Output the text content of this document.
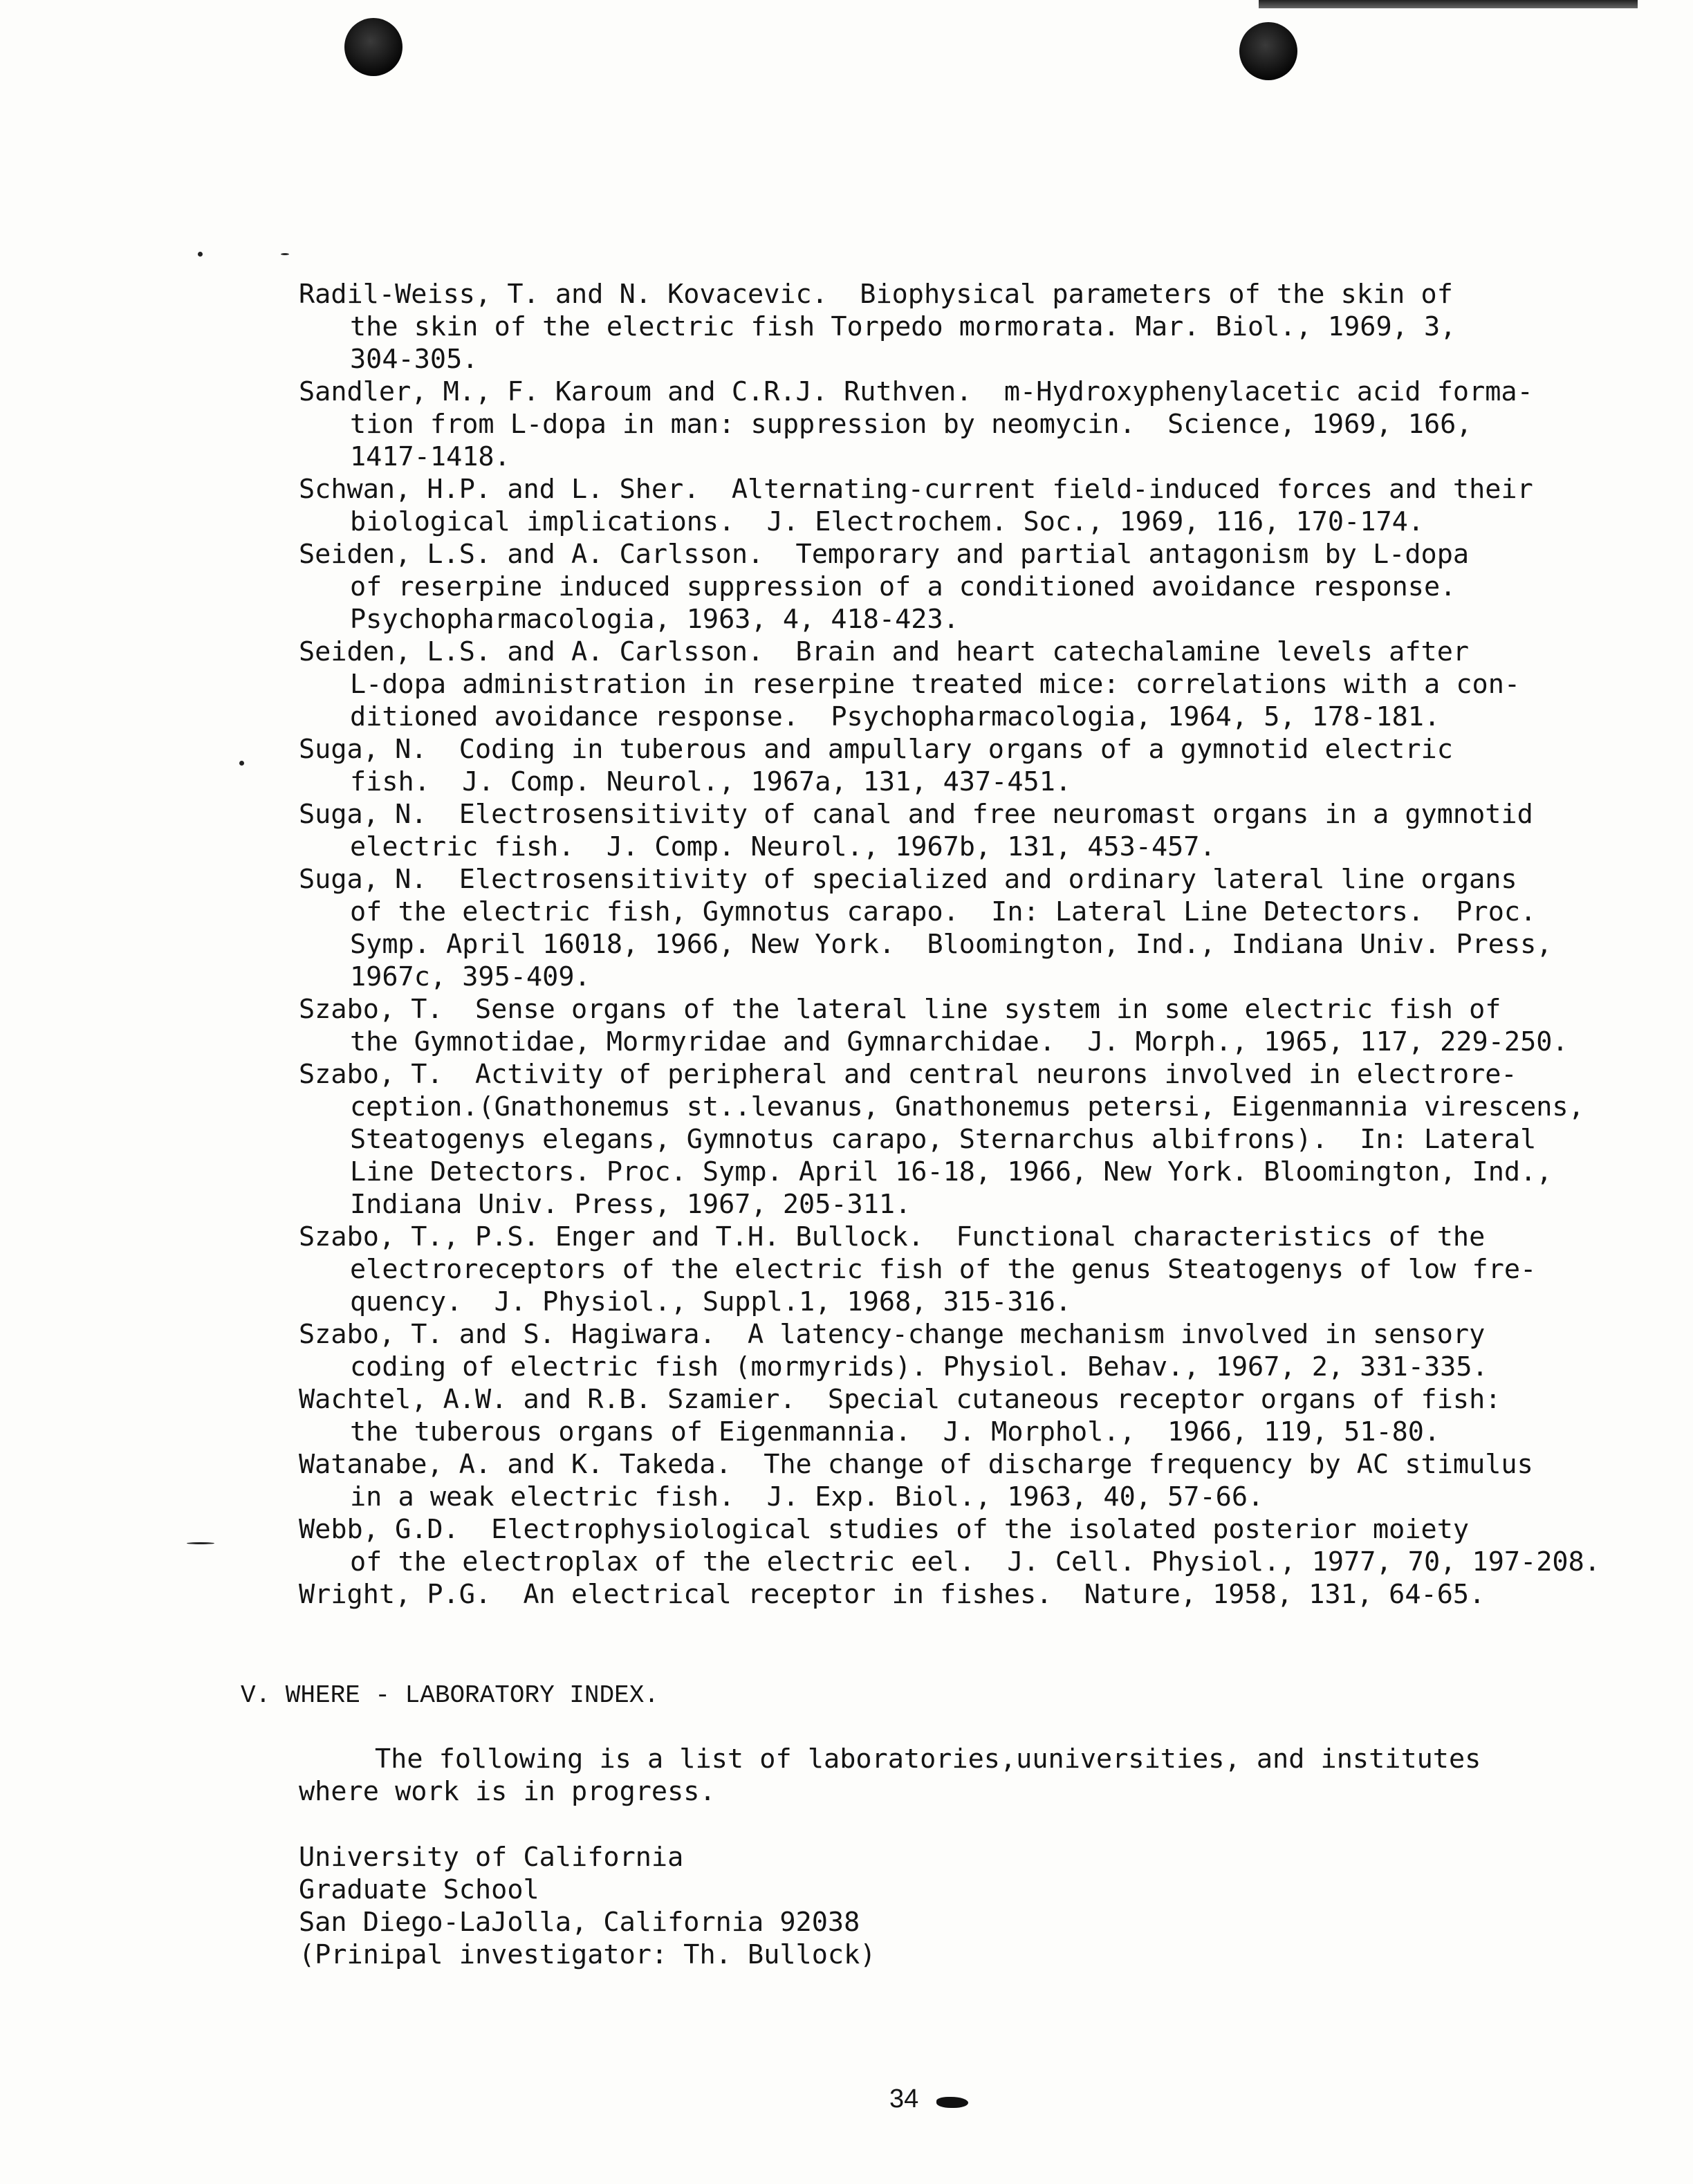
Radil-Weiss, T. and N. Kovacevic.  Biophysical parameters of the skin of
the skin of the electric fish Torpedo mormorata. Mar. Biol., 1969, 3,
304-305.

Sandler, M., F. Karoum and C.R.J. Ruthven.  m-Hydroxyphenylacetic acid forma-
tion from L-dopa in man: suppression by neomycin.  Science, 1969, 166,
1417-1418.

Schwan, H.P. and L. Sher.  Alternating-current field-induced forces and their
biological implications.  J. Electrochem. Soc., 1969, 116, 170-174.

Seiden, L.S. and A. Carlsson.  Temporary and partial antagonism by L-dopa
of reserpine induced suppression of a conditioned avoidance response.
Psychopharmacologia, 1963, 4, 418-423.

Seiden, L.S. and A. Carlsson.  Brain and heart catechalamine levels after
L-dopa administration in reserpine treated mice: correlations with a con-
ditioned avoidance response.  Psychopharmacologia, 1964, 5, 178-181.

Suga, N.  Coding in tuberous and ampullary organs of a gymnotid electric
fish.  J. Comp. Neurol., 1967a, 131, 437-451.

Suga, N.  Electrosensitivity of canal and free neuromast organs in a gymnotid
electric fish.  J. Comp. Neurol., 1967b, 131, 453-457.

Suga, N.  Electrosensitivity of specialized and ordinary lateral line organs
of the electric fish, Gymnotus carapo.  In: Lateral Line Detectors.  Proc.
Symp. April 16018, 1966, New York.  Bloomington, Ind., Indiana Univ. Press,
1967c, 395-409.

Szabo, T.  Sense organs of the lateral line system in some electric fish of
the Gymnotidae, Mormyridae and Gymnarchidae.  J. Morph., 1965, 117, 229-250.

Szabo, T.  Activity of peripheral and central neurons involved in electrore-
ception.(Gnathonemus st..levanus, Gnathonemus petersi, Eigenmannia virescens,
Steatogenys elegans, Gymnotus carapo, Sternarchus albifrons).  In: Lateral
Line Detectors. Proc. Symp. April 16-18, 1966, New York. Bloomington, Ind.,
Indiana Univ. Press, 1967, 205-311.

Szabo, T., P.S. Enger and T.H. Bullock.  Functional characteristics of the
electroreceptors of the electric fish of the genus Steatogenys of low fre-
quency.  J. Physiol., Suppl.1, 1968, 315-316.

Szabo, T. and S. Hagiwara.  A latency-change mechanism involved in sensory
coding of electric fish (mormyrids). Physiol. Behav., 1967, 2, 331-335.

Wachtel, A.W. and R.B. Szamier.  Special cutaneous receptor organs of fish:
the tuberous organs of Eigenmannia.  J. Morphol.,  1966, 119, 51-80.

Watanabe, A. and K. Takeda.  The change of discharge frequency by AC stimulus
in a weak electric fish.  J. Exp. Biol., 1963, 40, 57-66.

Webb, G.D.  Electrophysiological studies of the isolated posterior moiety
of the electroplax of the electric eel.  J. Cell. Physiol., 1977, 70, 197-208.

Wright, P.G.  An electrical receptor in fishes.  Nature, 1958, 131, 64-65.

V. WHERE - LABORATORY INDEX.
The following is a list of laboratories,uuniversities, and institutes
where work is in progress.
University of California
Graduate School
San Diego-LaJolla, California 92038
(Prinipal investigator: Th. Bullock)
34
